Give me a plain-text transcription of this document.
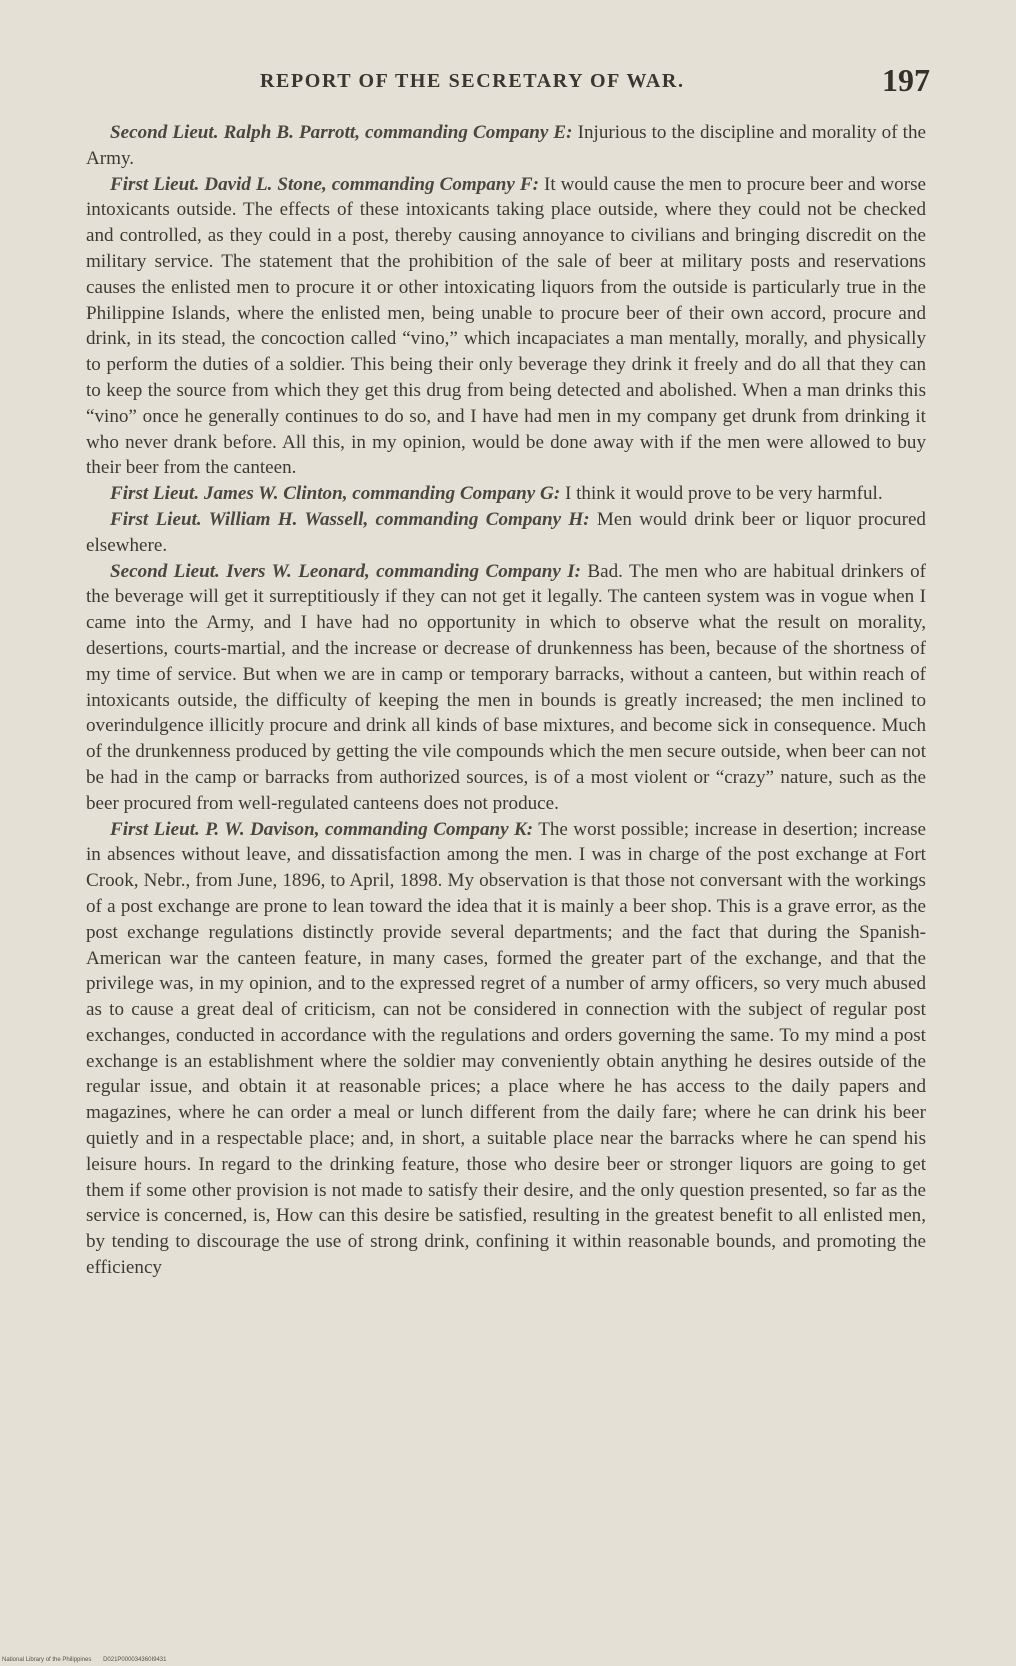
REPORT OF THE SECRETARY OF WAR.	197

Second Lieut. Ralph B. Parrott, commanding Company E: Injurious to the discipline and morality of the Army.

First Lieut. David L. Stone, commanding Company F: It would cause the men to procure beer and worse intoxicants outside. The effects of these intoxicants taking place outside, where they could not be checked and controlled, as they could in a post, thereby causing annoyance to civilians and bringing discredit on the military service. The statement that the prohibition of the sale of beer at military posts and reservations causes the enlisted men to procure it or other intoxicating liquors from the outside is particularly true in the Philippine Islands, where the enlisted men, being unable to procure beer of their own accord, procure and drink, in its stead, the concoction called “vino,” which incapaciates a man mentally, morally, and physically to perform the duties of a soldier. This being their only beverage they drink it freely and do all that they can to keep the source from which they get this drug from being detected and abolished. When a man drinks this “vino” once he generally continues to do so, and I have had men in my company get drunk from drinking it who never drank before. All this, in my opinion, would be done away with if the men were allowed to buy their beer from the canteen.

First Lieut. James W. Clinton, commanding Company G: I think it would prove to be very harmful.

First Lieut. William H. Wassell, commanding Company H: Men would drink beer or liquor procured elsewhere.

Second Lieut. Ivers W. Leonard, commanding Company I: Bad. The men who are habitual drinkers of the beverage will get it surreptitiously if they can not get it legally. The canteen system was in vogue when I came into the Army, and I have had no opportunity in which to observe what the result on morality, desertions, courts-martial, and the increase or decrease of drunkenness has been, because of the shortness of my time of service. But when we are in camp or temporary barracks, without a canteen, but within reach of intoxicants outside, the difficulty of keeping the men in bounds is greatly increased; the men inclined to overindulgence illicitly procure and drink all kinds of base mixtures, and become sick in consequence. Much of the drunkenness produced by getting the vile compounds which the men secure outside, when beer can not be had in the camp or barracks from authorized sources, is of a most violent or “crazy” nature, such as the beer procured from well-regulated canteens does not produce.

First Lieut. P. W. Davison, commanding Company K: The worst possible; increase in desertion; increase in absences without leave, and dissatisfaction among the men. I was in charge of the post exchange at Fort Crook, Nebr., from June, 1896, to April, 1898. My observation is that those not conversant with the workings of a post exchange are prone to lean toward the idea that it is mainly a beer shop. This is a grave error, as the post exchange regulations distinctly provide several departments; and the fact that during the Spanish-American war the canteen feature, in many cases, formed the greater part of the exchange, and that the privilege was, in my opinion, and to the expressed regret of a number of army officers, so very much abused as to cause a great deal of criticism, can not be considered in connection with the subject of regular post exchanges, conducted in accordance with the regulations and orders governing the same. To my mind a post exchange is an establishment where the soldier may conveniently obtain anything he desires outside of the regular issue, and obtain it at reasonable prices; a place where he has access to the daily papers and magazines, where he can order a meal or lunch different from the daily fare; where he can drink his beer quietly and in a respectable place; and, in short, a suitable place near the barracks where he can spend his leisure hours. In regard to the drinking feature, those who desire beer or stronger liquors are going to get them if some other provision is not made to satisfy their desire, and the only question presented, so far as the service is concerned, is, How can this desire be satisfied, resulting in the greatest benefit to all enlisted men, by tending to discourage the use of strong drink, confining it within reasonable bounds, and promoting the efficiency

National Library of the Philippines D021P000034360I9431
